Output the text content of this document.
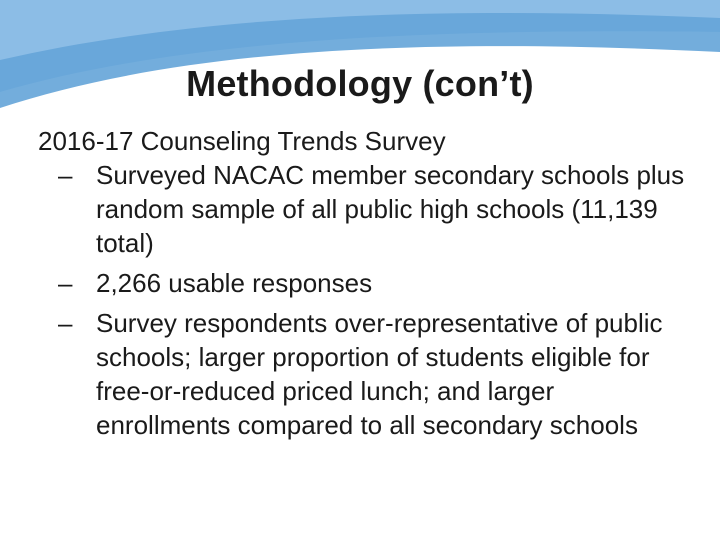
Methodology (con’t)

2016-17 Counseling Trends Survey

– Surveyed NACAC member secondary schools plus random sample of all public high schools (11,139 total)
– 2,266 usable responses
– Survey respondents over-representative of public schools; larger proportion of students eligible for free-or-reduced priced lunch; and larger enrollments compared to all secondary schools
